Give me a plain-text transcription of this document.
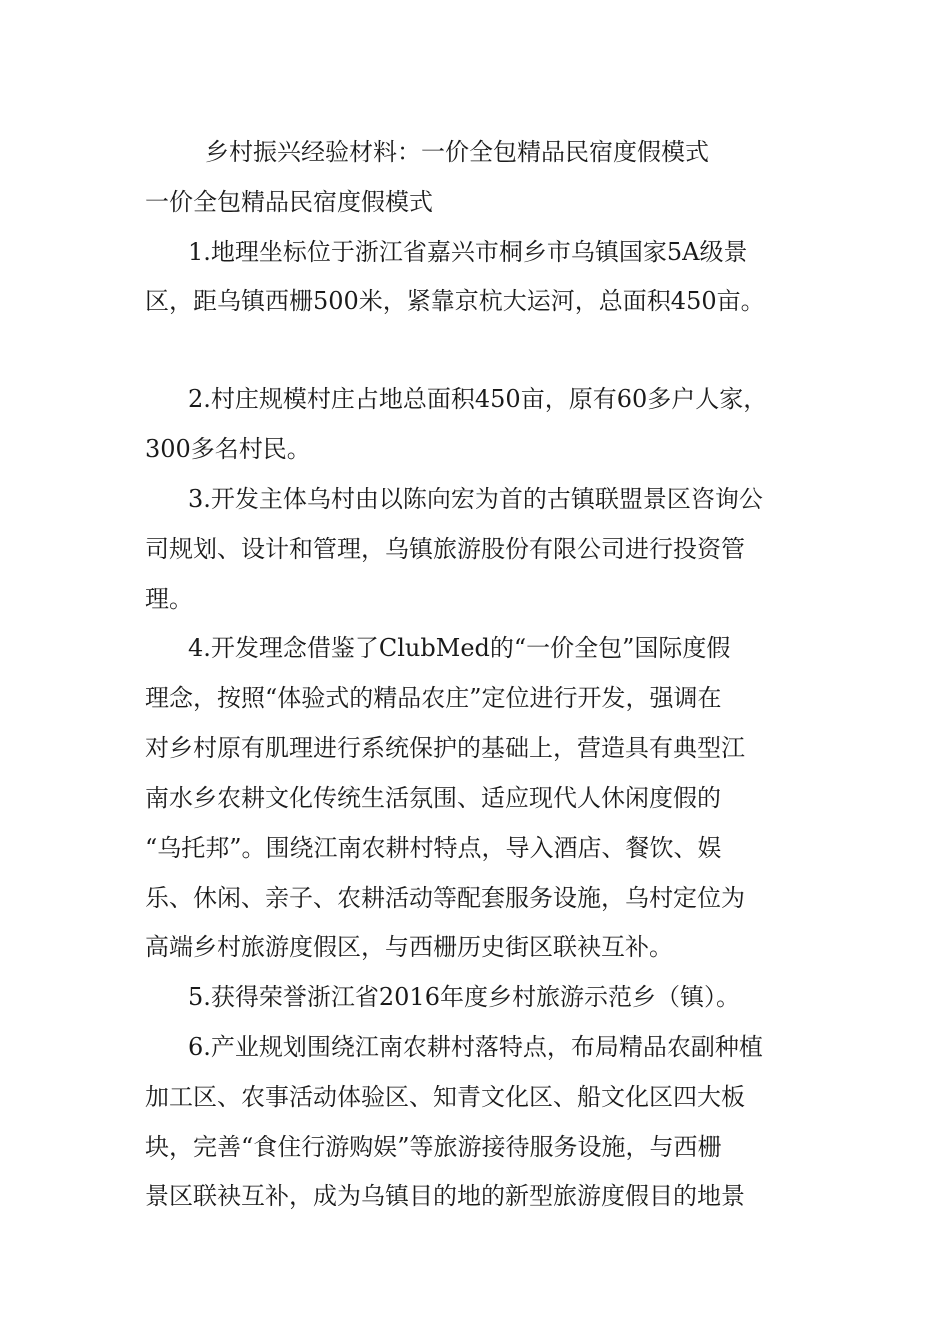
乡村振兴经验材料：一价全包精品民宿度假模式
一价全包精品民宿度假模式
1.地理坐标位于浙江省嘉兴市桐乡市乌镇国家5A级景
区，距乌镇西栅500米，紧靠京杭大运河，总面积450亩。
2.村庄规模村庄占地总面积450亩，原有60多户人家，
300多名村民。
3.开发主体乌村由以陈向宏为首的古镇联盟景区咨询公
司规划、设计和管理，乌镇旅游股份有限公司进行投资管
理。
4.开发理念借鉴了ClubMed的“一价全包”国际度假
理念，按照“体验式的精品农庄”定位进行开发，强调在
对乡村原有肌理进行系统保护的基础上，营造具有典型江
南水乡农耕文化传统生活氛围、适应现代人休闲度假的
“乌托邦”。围绕江南农耕村特点，导入酒店、餐饮、娱
乐、休闲、亲子、农耕活动等配套服务设施，乌村定位为
高端乡村旅游度假区，与西栅历史街区联袂互补。
5.获得荣誉浙江省2016年度乡村旅游示范乡（镇）。
6.产业规划围绕江南农耕村落特点，布局精品农副种植
加工区、农事活动体验区、知青文化区、船文化区四大板
块，完善“食住行游购娱”等旅游接待服务设施，与西栅
景区联袂互补，成为乌镇目的地的新型旅游度假目的地景
